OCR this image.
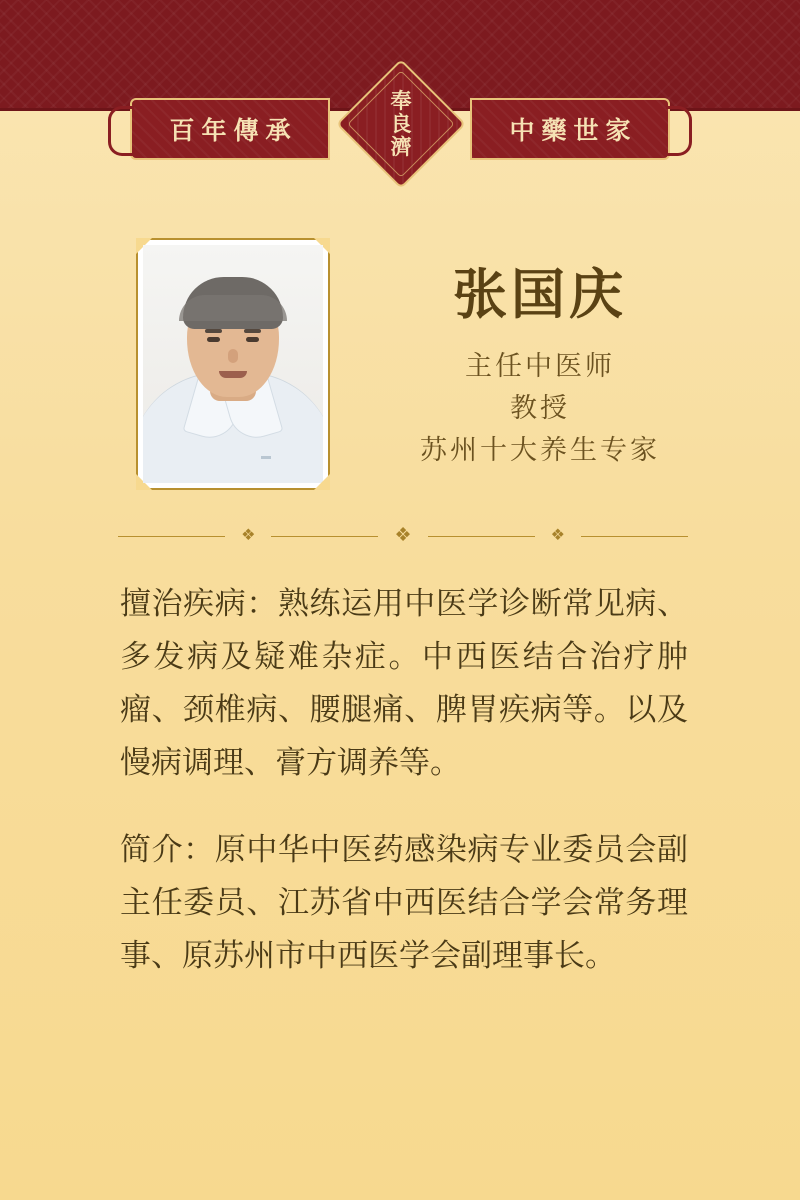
百年傳承	中藥世家
奉
良
濟
张国庆
主任中医师
教授
苏州十大养生专家
❖	❖	❖

擅治疾病：熟练运用中医学诊断常见病、多发病及疑难杂症。中西医结合治疗肿瘤、颈椎病、腰腿痛、脾胃疾病等。以及慢病调理、膏方调养等。

简介：原中华中医药感染病专业委员会副主任委员、江苏省中西医结合学会常务理事、原苏州市中西医学会副理事长。
